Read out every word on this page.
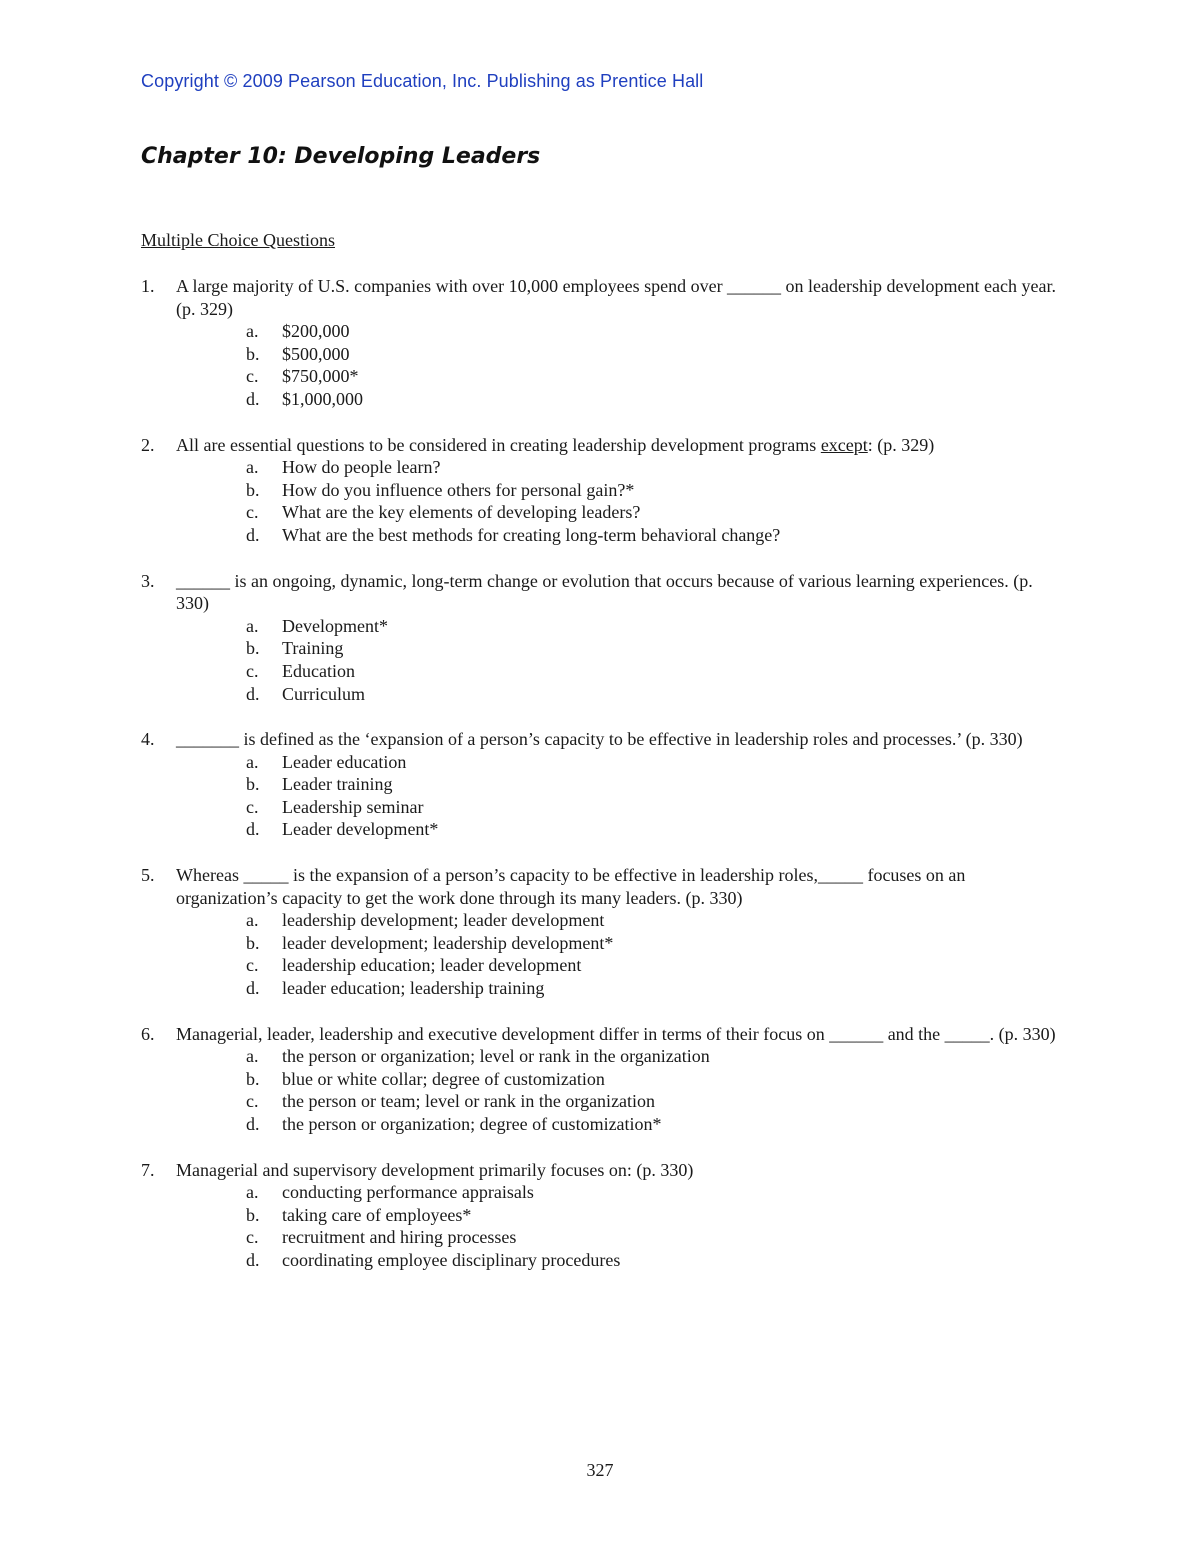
Copyright © 2009 Pearson Education, Inc. Publishing as Prentice Hall
Chapter 10: Developing Leaders
Multiple Choice Questions
1.	A large majority of U.S. companies with over 10,000 employees spend over ______ on leadership development each year. (p. 329)
a.	$200,000
b.	$500,000
c.	$750,000*
d.	$1,000,000
2.	All are essential questions to be considered in creating leadership development programs except: (p. 329)
a.	How do people learn?
b.	How do you influence others for personal gain?*
c.	What are the key elements of developing leaders?
d.	What are the best methods for creating long-term behavioral change?
3.	______ is an ongoing, dynamic, long-term change or evolution that occurs because of various learning experiences. (p. 330)
a.	Development*
b.	Training
c.	Education
d.	Curriculum
4.	_______ is defined as the ‘expansion of a person’s capacity to be effective in leadership roles and processes.’ (p. 330)
a.	Leader education
b.	Leader training
c.	Leadership seminar
d.	Leader development*
5.	Whereas _____ is the expansion of a person’s capacity to be effective in leadership roles,_____ focuses on an organization’s capacity to get the work done through its many leaders. (p. 330)
a.	leadership development; leader development
b.	leader development; leadership development*
c.	leadership education; leader development
d.	leader education; leadership training
6.	Managerial, leader, leadership and executive development differ in terms of their focus on ______ and the _____. (p. 330)
a.	the person or organization; level or rank in the organization
b.	blue or white collar; degree of customization
c.	the person or team; level or rank in the organization
d.	the person or organization; degree of customization*
7.	Managerial and supervisory development primarily focuses on: (p. 330)
a.	conducting performance appraisals
b.	taking care of employees*
c.	recruitment and hiring processes
d.	coordinating employee disciplinary procedures
327
